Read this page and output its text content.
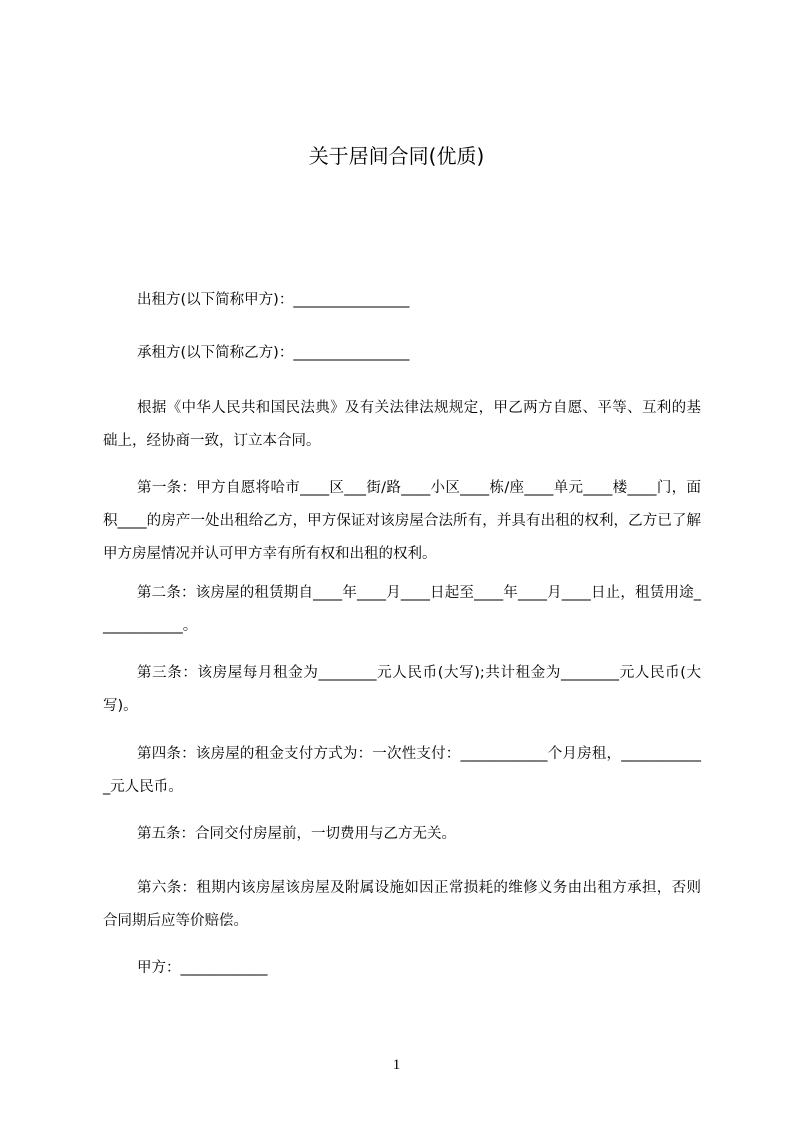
关于居间合同(优质)
出租方(以下简称甲方)：________________
承租方(以下简称乙方)：________________
根据《中华人民共和国民法典》及有关法律法规规定，甲乙两方自愿、平等、互利的基础上，经协商一致，订立本合同。
第一条：甲方自愿将哈市____区___街/路____小区____栋/座____单元____楼____门，面积____的房产一处出租给乙方，甲方保证对该房屋合法所有，并具有出租的权利，乙方已了解甲方房屋情况并认可甲方幸有所有权和出租的权利。
第二条：该房屋的租赁期自____年____月____日起至____年____月____日止，租赁用途____________。
第三条：该房屋每月租金为________元人民币(大写);共计租金为________元人民币(大写)。
第四条：该房屋的租金支付方式为：一次性支付：____________个月房租，____________元人民币。
第五条：合同交付房屋前，一切费用与乙方无关。
第六条：租期内该房屋该房屋及附属设施如因正常损耗的维修义务由出租方承担，否则合同期后应等价赔偿。
甲方：____________
1
